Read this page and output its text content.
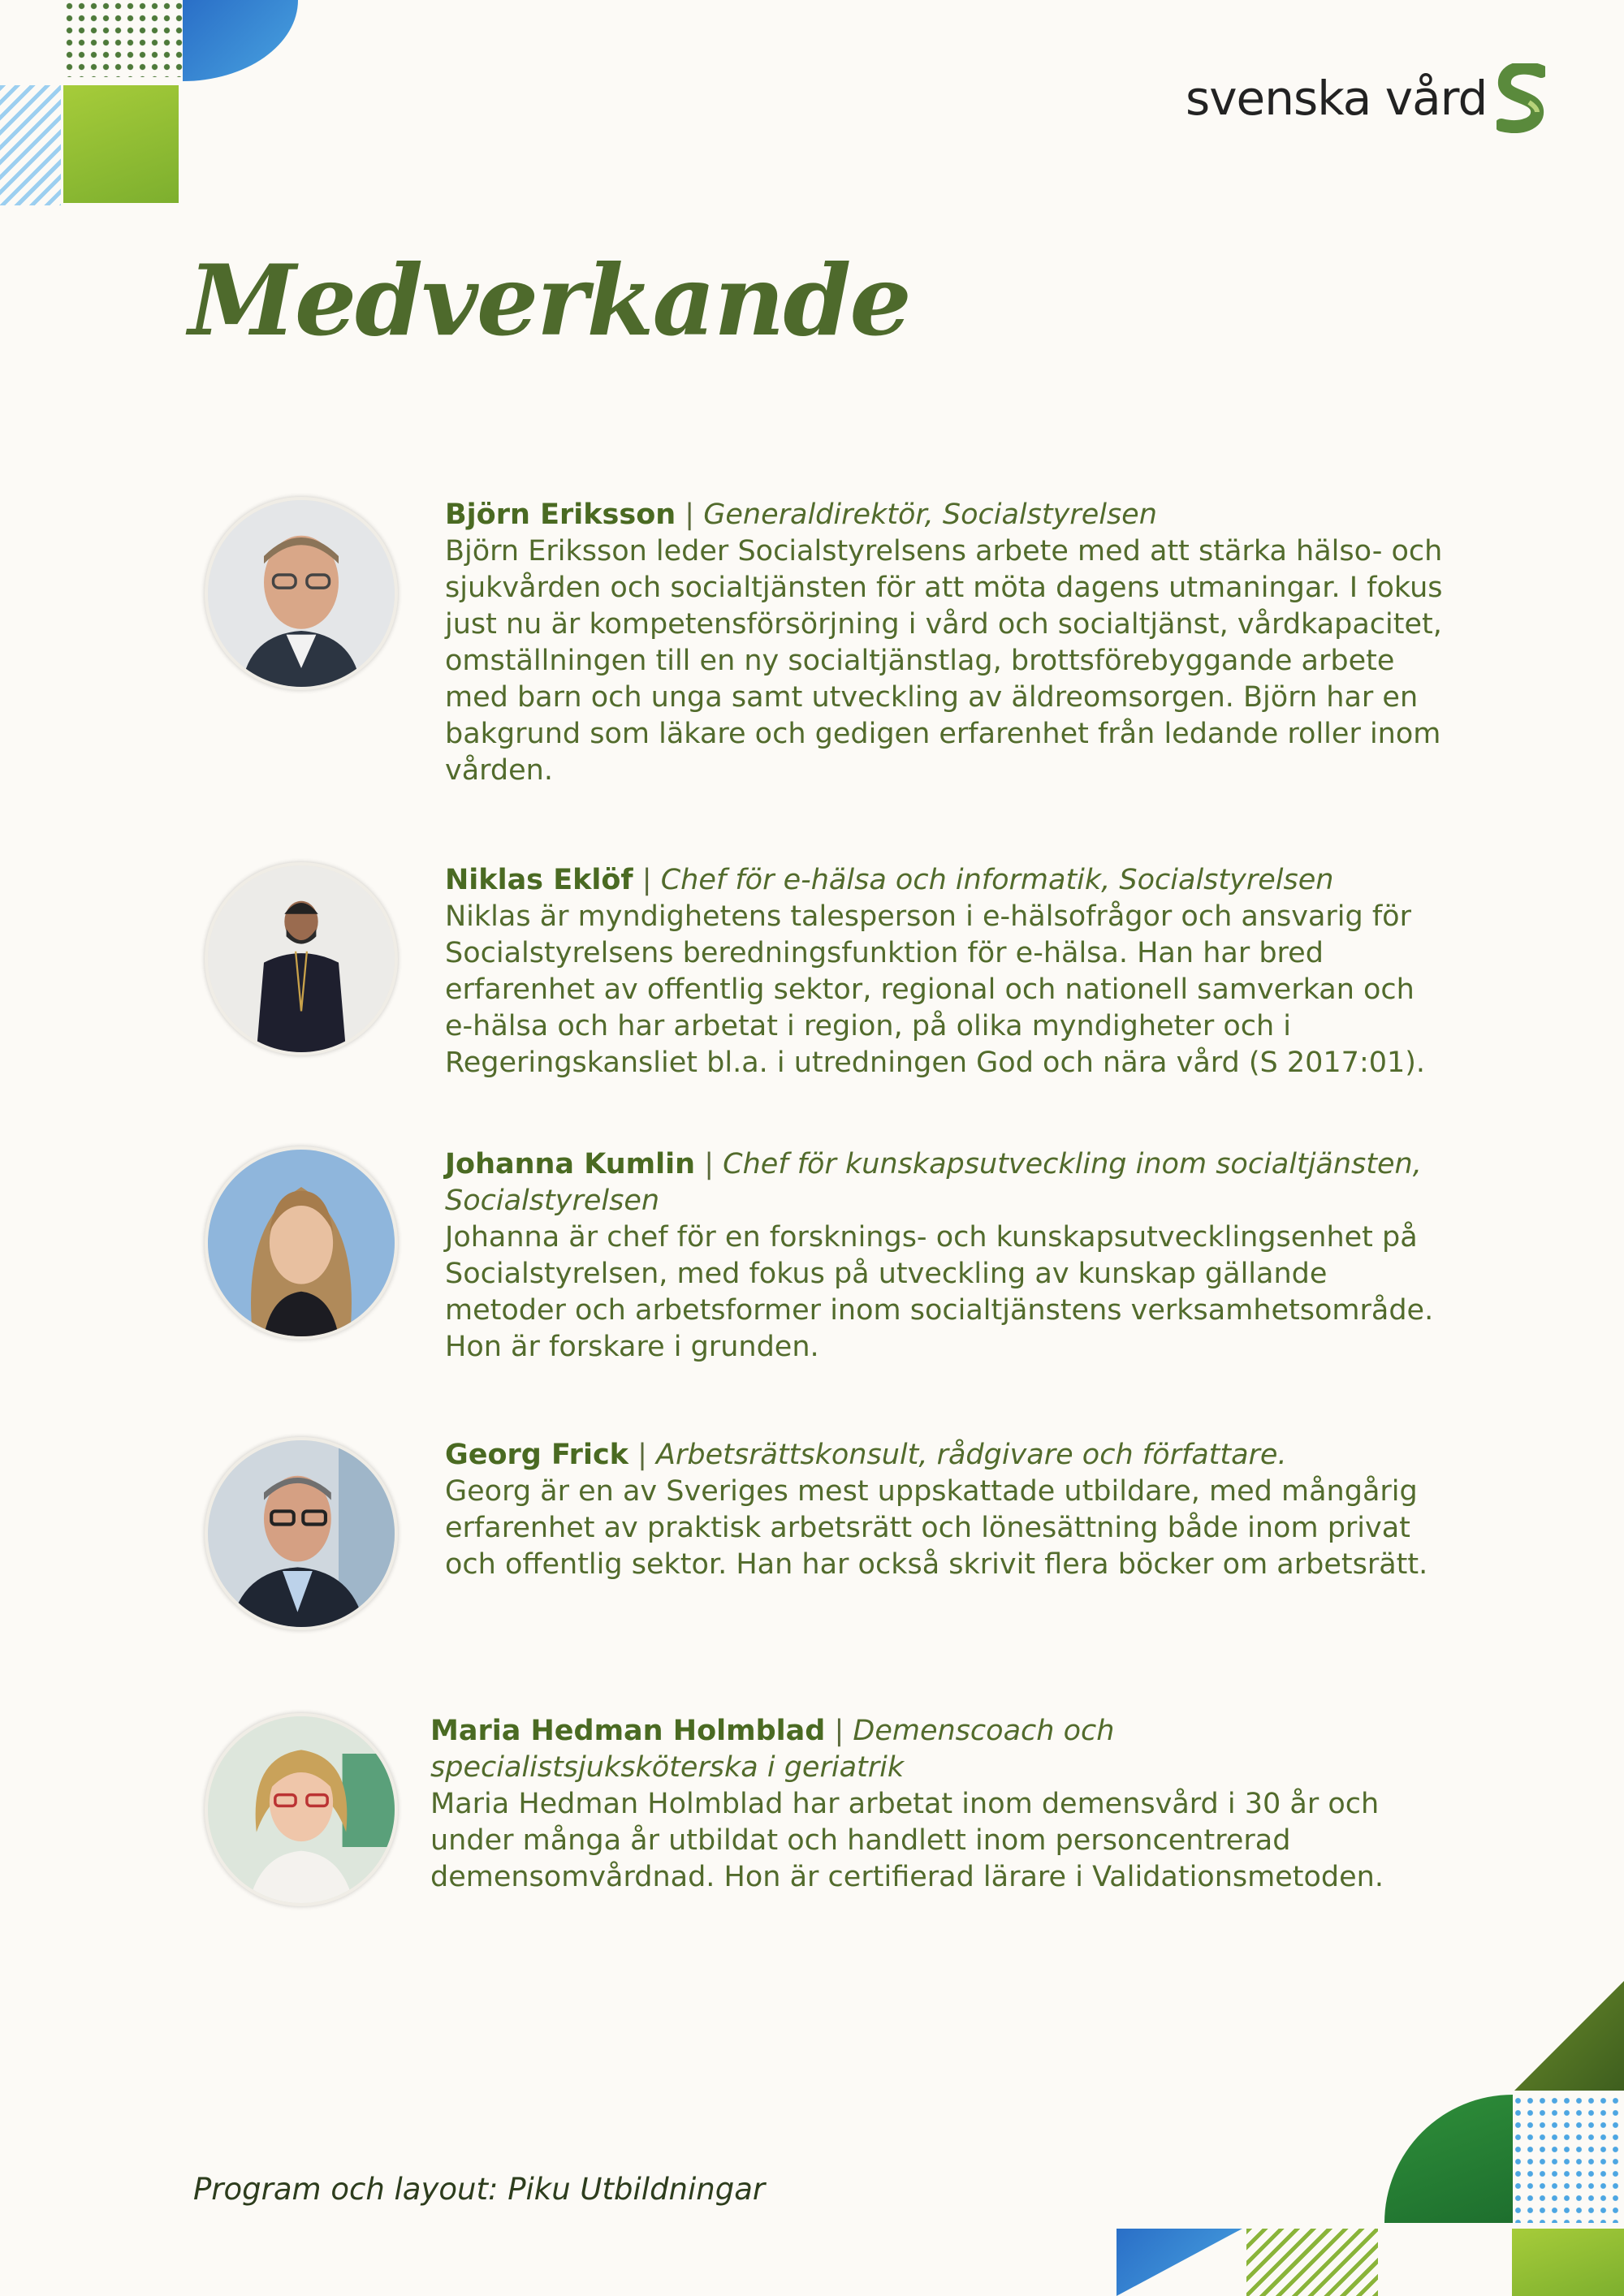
svenska vård
Medverkande
Björn Eriksson | Generaldirektör, Socialstyrelsen
Björn Eriksson leder Socialstyrelsens arbete med att stärka hälso- och sjukvården och socialtjänsten för att möta dagens utmaningar. I fokus just nu är kompetensförsörjning i vård och socialtjänst, vårdkapacitet, omställningen till en ny socialtjänstlag, brottsförebyggande arbete med barn och unga samt utveckling av äldreomsorgen. Björn har en bakgrund som läkare och gedigen erfarenhet från ledande roller inom vården.
Niklas Eklöf | Chef för e-hälsa och informatik, Socialstyrelsen
Niklas är myndighetens talesperson i e-hälsofrågor och ansvarig för Socialstyrelsens beredningsfunktion för e-hälsa. Han har bred erfarenhet av offentlig sektor, regional och nationell samverkan och e-hälsa och har arbetat i region, på olika myndigheter och i Regeringskansliet bl.a. i utredningen God och nära vård (S 2017:01).
Johanna Kumlin | Chef för kunskapsutveckling inom socialtjänsten, Socialstyrelsen
Johanna är chef för en forsknings- och kunskapsutvecklingsenhet på Socialstyrelsen, med fokus på utveckling av kunskap gällande metoder och arbetsformer inom socialtjänstens verksamhetsområde. Hon är forskare i grunden.
Georg Frick | Arbetsrättskonsult, rådgivare och författare.
Georg är en av Sveriges mest uppskattade utbildare, med mångårig erfarenhet av praktisk arbetsrätt och lönesättning både inom privat och offentlig sektor. Han har också skrivit flera böcker om arbetsrätt.
Maria Hedman Holmblad | Demenscoach och specialistsjuksköterska i geriatrik
Maria Hedman Holmblad har arbetat inom demensvård i 30 år och under många år utbildat och handlett inom personcentrerad demensomvårdnad. Hon är certifierad lärare i Validationsmetoden.
Program och layout: Piku Utbildningar
